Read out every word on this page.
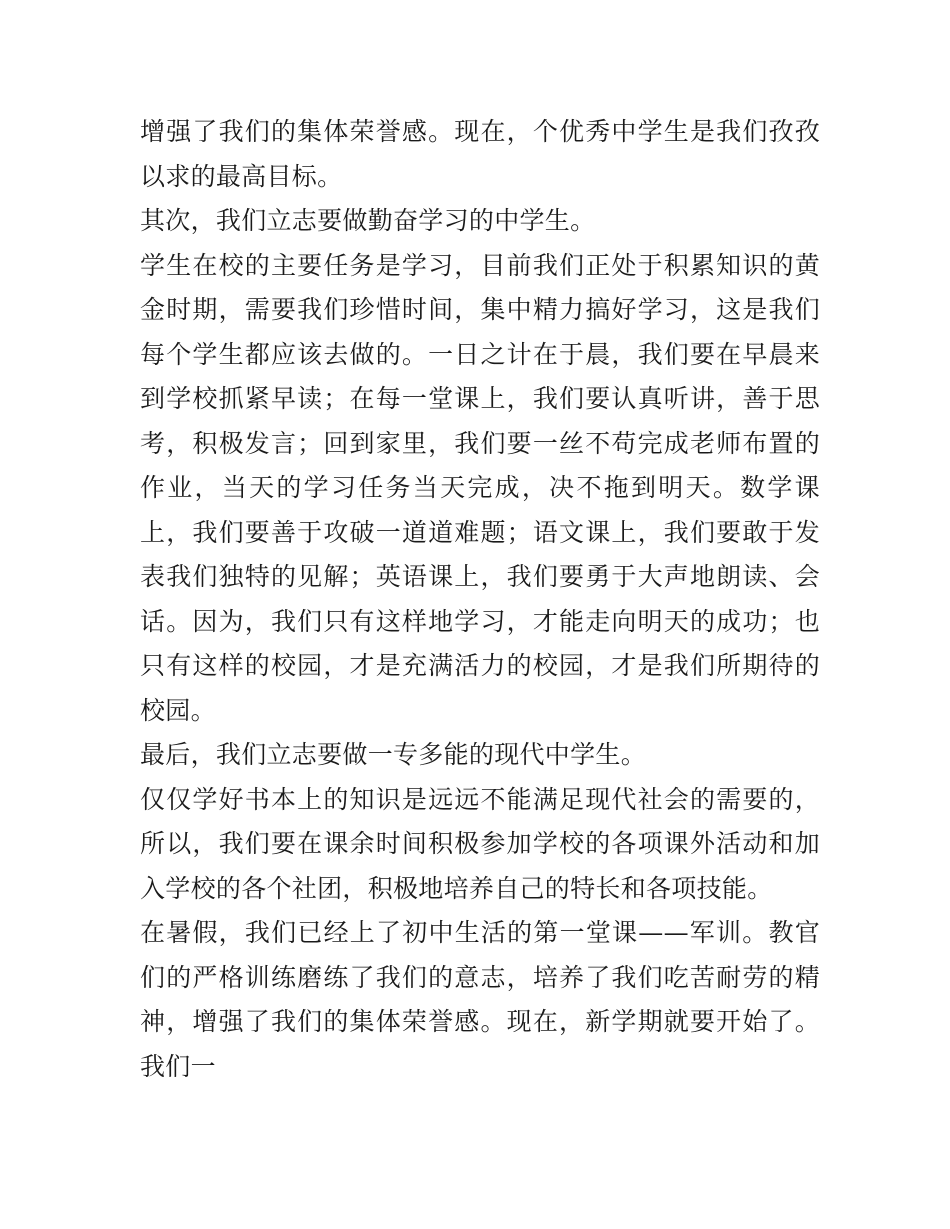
增强了我们的集体荣誉感。现在，个优秀中学生是我们孜孜以求的最高目标。

其次，我们立志要做勤奋学习的中学生。

学生在校的主要任务是学习，目前我们正处于积累知识的黄金时期，需要我们珍惜时间，集中精力搞好学习，这是我们每个学生都应该去做的。一日之计在于晨，我们要在早晨来到学校抓紧早读；在每一堂课上，我们要认真听讲，善于思考，积极发言；回到家里，我们要一丝不苟完成老师布置的作业，当天的学习任务当天完成，决不拖到明天。数学课上，我们要善于攻破一道道难题；语文课上，我们要敢于发表我们独特的见解；英语课上，我们要勇于大声地朗读、会话。因为，我们只有这样地学习，才能走向明天的成功；也只有这样的校园，才是充满活力的校园，才是我们所期待的校园。

最后，我们立志要做一专多能的现代中学生。

仅仅学好书本上的知识是远远不能满足现代社会的需要的，所以，我们要在课余时间积极参加学校的各项课外活动和加入学校的各个社团，积极地培养自己的特长和各项技能。

在暑假，我们已经上了初中生活的第一堂课——军训。教官们的严格训练磨练了我们的意志，培养了我们吃苦耐劳的精神，增强了我们的集体荣誉感。现在，新学期就要开始了。我们一
